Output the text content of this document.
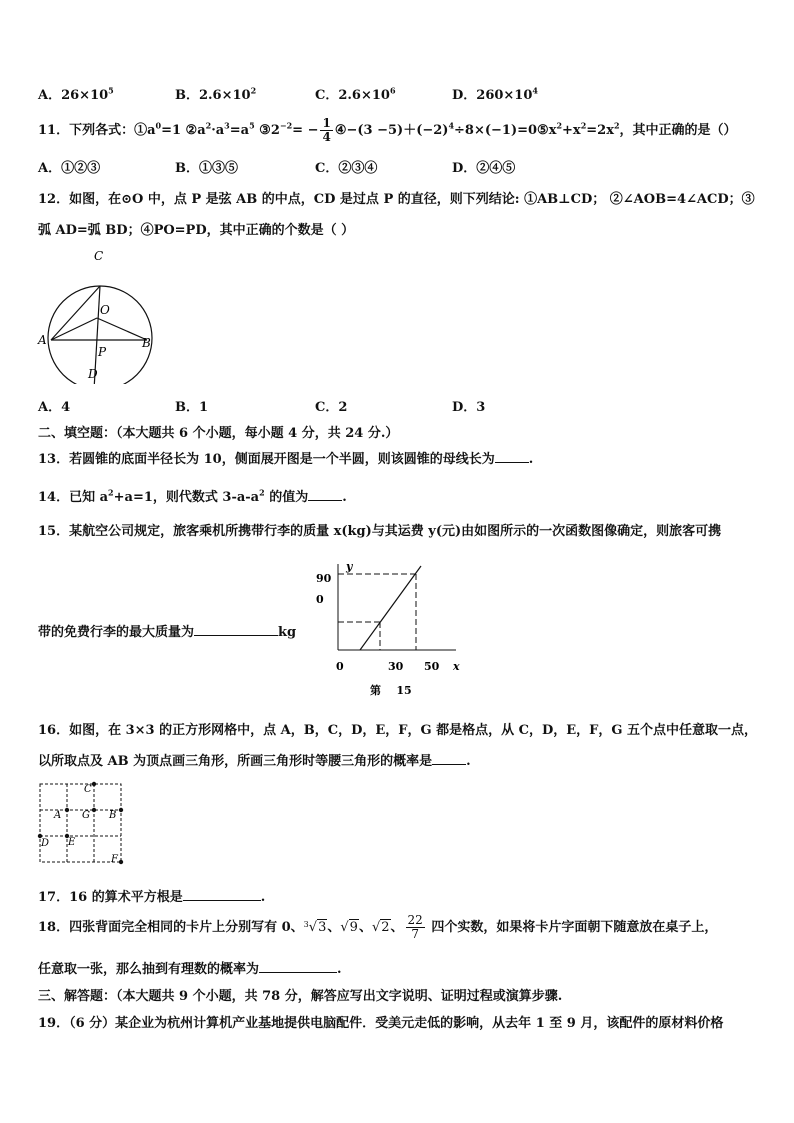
A．$26\times 10^5$	B．$2.6\times 10^2$	C．$2.6\times 10^6$	D．$260\times 10^4$
11．下列各式：$①a^0=1$ $②a^2\cdot a^3=a^5$ $③2^{-2}= - \frac{1}{4}$ ④−(3 $-5)+(-2)^4\div 8\times(-1)=0⑤x^2+x^2=2x^2$，其中正确的是（）
A．①②③	B．①③⑤	C．②③④	D．②④⑤
12．如图，在⊙O 中，点 P 是弦 AB 的中点，CD 是过点 P 的直径，则下列结论: ①AB⊥CD； ②∠AOB=4∠ACD；③
弧 AD=弧 BD；④PO=PD，其中正确的个数是（ ）
C
O
A	B
P
D
A．4	B．1	C．2	D．3
二、填空题：（本大题共 6 个小题，每小题 4 分，共 24 分.）
13．若圆锥的底面半径长为 10，侧面展开图是一个半圆，则该圆锥的母线长为	.
14．已知 $a^2+a=1$，则代数式 $3-a-a^2$ 的值为	.
15．某航空公司规定，旅客乘机所携带行李的质量 x(kg)与其运费 y(元)由如图所示的一次函数图像确定，则旅客可携
带的免费行李的最大质量为	kg
y
90
0
0	30 50 x
第    15
16．如图，在 3×3 的正方形网格中，点 A，B，C，D，E，F，G 都是格点，从 C，D，E，F，G 五个点中任意取一点，
以所取点及 AB 为顶点画三角形，所画三角形时等腰三角形的概率是	.
C
A G B
D E
F
17．16 的算术平方根是	.
18．四张背面完全相同的卡片上分别写有 0、$^3$√3、√9、√2、 $\frac{22}{7}$ 四个实数，如果将卡片字面朝下随意放在桌子上，
任意取一张，那么抽到有理数的概率为	.
三、解答题：（本大题共 9 个小题，共 78 分，解答应写出文字说明、证明过程或演算步骤.
19．（6 分）某企业为杭州计算机产业基地提供电脑配件．受美元走低的影响，从去年 1 至 9 月，该配件的原材料价格
